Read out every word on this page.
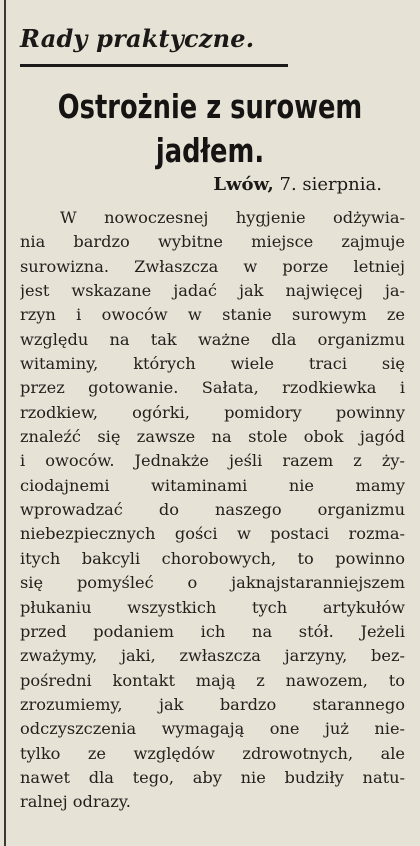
Rady praktyczne.
Ostrożnie z surowem
jadłem.
Lwów, 7. sierpnia.
W nowoczesnej hygjenie odżywia-
nia bardzo wybitne miejsce zajmuje
surowizna. Zwłaszcza w porze letniej
jest wskazane jadać jak najwięcej ja-
rzyn i owoców w stanie surowym ze
względu na tak ważne dla organizmu
witaminy, których wiele traci się
przez gotowanie. Sałata, rzodkiewka i
rzodkiew, ogórki, pomidory powinny
znaleźć się zawsze na stole obok jagód
i owoców. Jednakże jeśli razem z ży-
ciodajnemi witaminami nie mamy
wprowadzać do naszego organizmu
niebezpiecznych gości w postaci rozma-
itych bakcyli chorobowych, to powinno
się pomyśleć o jaknajstaranniejszem
płukaniu wszystkich tych artykułów
przed podaniem ich na stół. Jeżeli
zważymy, jaki, zwłaszcza jarzyny, bez-
pośredni kontakt mają z nawozem, to
zrozumiemy, jak bardzo starannego
odczyszczenia wymagają one już nie-
tylko ze względów zdrowotnych, ale
nawet dla tego, aby nie budziły natu-
ralnej odrazy.
